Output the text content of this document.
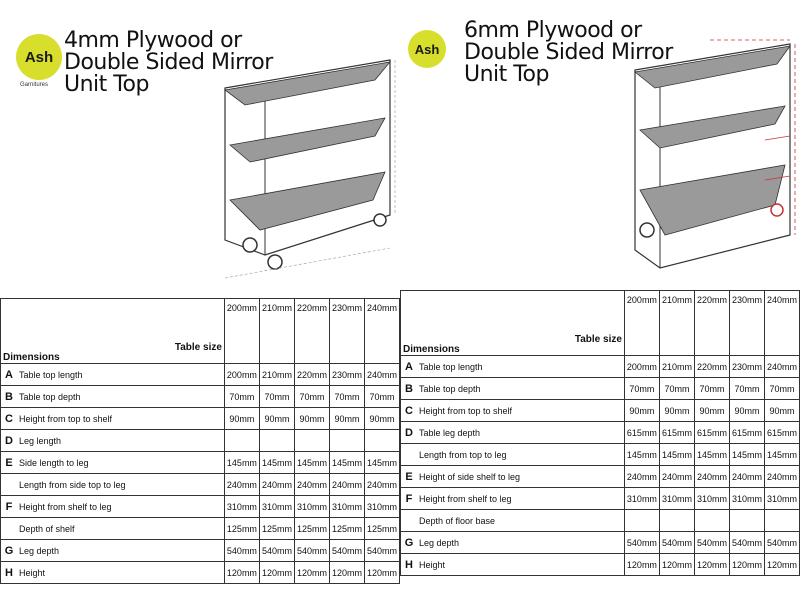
Ash
Garnitures
4mm Plywood or
Double Sided Mirror
Unit Top
Table size
Dimensions		200mm	210mm	220mm	230mm	240mm
A	Table top length	200mm	210mm	220mm	230mm	240mm
B	Table top depth	70mm	70mm	70mm	70mm	70mm
C	Height from top to shelf	90mm	90mm	90mm	90mm	90mm
D	Leg length					
E	Side length to leg	145mm	145mm	145mm	145mm	145mm
	Length from side top to leg	240mm	240mm	240mm	240mm	240mm
F	Height from shelf to leg	310mm	310mm	310mm	310mm	310mm
	Depth of shelf	125mm	125mm	125mm	125mm	125mm
G	Leg depth	540mm	540mm	540mm	540mm	540mm
H	Height	120mm	120mm	120mm	120mm	120mm
Ash
6mm Plywood or
Double Sided Mirror
Unit Top
Table size
Dimensions		200mm	210mm	220mm	230mm	240mm
A	Table top length	200mm	210mm	220mm	230mm	240mm
B	Table top depth	70mm	70mm	70mm	70mm	70mm
C	Height from top to shelf	90mm	90mm	90mm	90mm	90mm
D	Table leg depth	615mm	615mm	615mm	615mm	615mm
	Length from top to leg	145mm	145mm	145mm	145mm	145mm
E	Height of side shelf to leg	240mm	240mm	240mm	240mm	240mm
F	Height from shelf to leg	310mm	310mm	310mm	310mm	310mm
	Depth of floor base					
G	Leg depth	540mm	540mm	540mm	540mm	540mm
H	Height	120mm	120mm	120mm	120mm	120mm
